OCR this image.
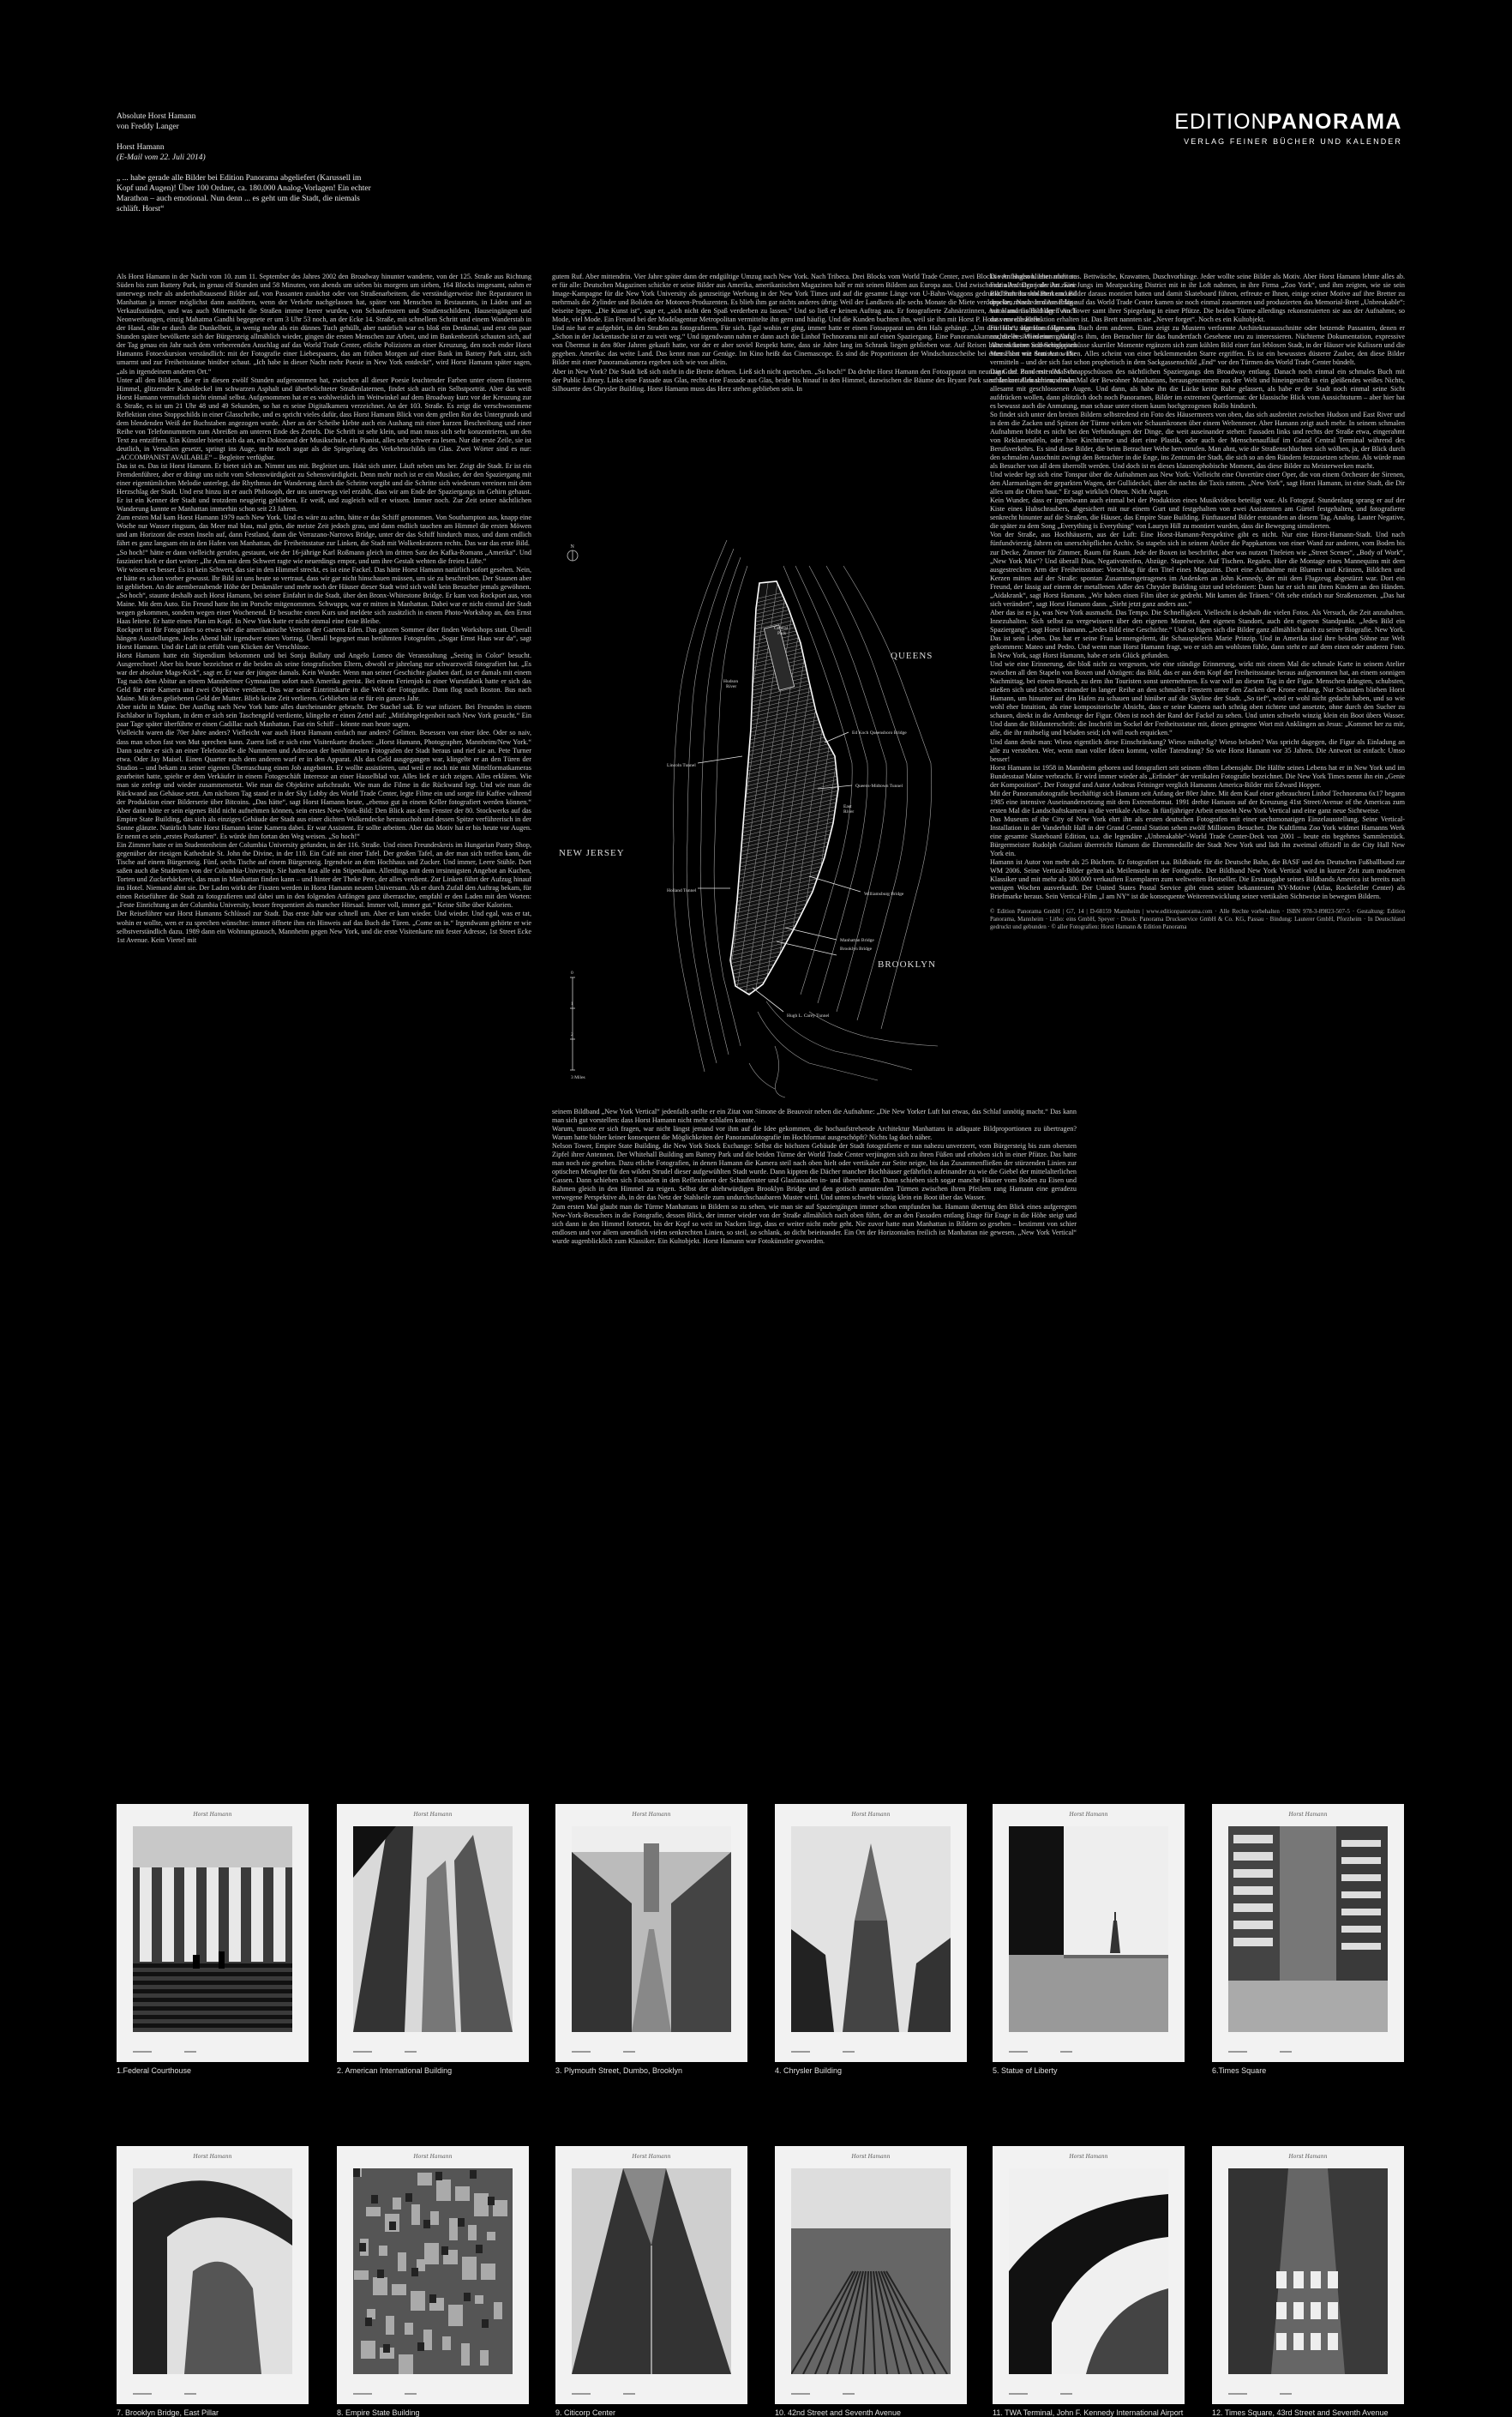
Absolute Horst Hamann

von Freddy Langer

Horst Hamann

(E-Mail vom 22. Juli 2014)

„ ... habe gerade alle Bilder bei Edition Panorama abgeliefert (Karussell im Kopf und Augen)! Über 100 Ordner, ca. 180.000 Analog-Vorlagen! Ein echter Marathon – auch emotional. Nun denn ... es geht um die Stadt, die niemals schläft. Horst“

EDITIONPANORAMA
VERLAG FEINER BÜCHER UND KALENDER

Als Horst Hamann in der Nacht vom 10. zum 11. September des Jahres 2002 den Broadway hinunter wanderte, von der 125. Straße aus Richtung Süden bis zum Battery Park, in genau elf Stunden und 58 Minuten, von abends um sieben bis morgens um sieben, 164 Blocks insgesamt, nahm er unterwegs mehr als anderthalbtausend Bilder auf, von Passanten zunächst oder von Straßenarbeitern, die verständigerweise ihre Reparaturen in Manhattan ja immer möglichst dann ausführen, wenn der Verkehr nachgelassen hat, später von Menschen in Restaurants, in Läden und an Verkaufsständen, und was auch Mitternacht die Straßen immer leerer wurden, von Schaufenstern und Straßenschildern, Hauseingängen und Neonwerbungen, einzig Mahatma Gandhi begegnete er um 3 Uhr 53 noch, an der Ecke 14. Straße, mit schnellem Schritt und einem Wanderstab in der Hand, eilte er durch die Dunkelheit, in wenig mehr als ein dünnes Tuch gehüllt, aber natürlich war es bloß ein Denkmal, und erst ein paar Stunden später bevölkerte sich der Bürgersteig allmählich wieder, gingen die ersten Menschen zur Arbeit, und im Bankenbezirk schauten sich, auf der Tag genau ein Jahr nach dem verheerenden Anschlag auf das World Trade Center, etliche Polizisten an einer Kreuzung, den noch ender Horst Hamanns Fotoexkursion verständlich: mit der Fotografie einer Liebespaares, das am frühen Morgen auf einer Bank im Battery Park sitzt, sich umarmt und zur Freiheitsstatue hinüber schaut. „Ich habe in dieser Nacht mehr Poesie in New York entdeckt“, wird Horst Hamann später sagen, „als in irgendeinem anderen Ort.“

Unter all den Bildern, die er in diesen zwölf Stunden aufgenommen hat, zwischen all dieser Poesie leuchtender Farben unter einem finsteren Himmel, glitzernder Kanaldeckel im schwarzen Asphalt und überbelichteter Straßenlaternen, findet sich auch ein Selbstporträt. Aber das weiß Horst Hamann vermutlich nicht einmal selbst. Aufgenommen hat er es wohlweislich im Weitwinkel auf dem Broadway kurz vor der Kreuzung zur 8. Straße, es ist um 21 Uhr 48 und 49 Sekunden, so hat es seine Digitalkamera verzeichnet. An der 103. Straße. Es zeigt die verschwommene Reflektion eines Stoppschilds in einer Glasscheibe, und es spricht vieles dafür, dass Horst Hamann Blick von dem grellen Rot des Untergrunds und dem blendenden Weiß der Buchstaben angezogen wurde. Aber an der Scheibe klebte auch ein Aushang mit einer kurzen Beschreibung und einer Reihe von Telefonnummern zum Abreißen am unteren Ende des Zettels. Die Schrift ist sehr klein, und man muss sich sehr konzentrieren, um den Text zu entziffern. Ein Künstler bietet sich da an, ein Doktorand der Musikschule, ein Pianist, alles sehr schwer zu lesen. Nur die erste Zeile, sie ist deutlich, in Versalien gesetzt, springt ins Auge, mehr noch sogar als die Spiegelung des Verkehrsschilds im Glas. Zwei Wörter sind es nur: „ACCOMPANIST AVAILABLE“ – Begleiter verfügbar.

Das ist es. Das ist Horst Hamann. Er bietet sich an. Nimmt uns mit. Begleitet uns. Hakt sich unter. Läuft neben uns her. Zeigt die Stadt. Er ist ein Fremdenführer, aber er drängt uns nicht vom Sehenswürdigkeit zu Sehenswürdigkeit. Denn mehr noch ist er ein Musiker, der den Spaziergang mit einer eigentümlichen Melodie unterlegt, die Rhythmus der Wanderung durch die Schritte vorgibt und die Schritte sich wiederum vereinen mit dem Herzschlag der Stadt. Und erst hinzu ist er auch Philosoph, der uns unterwegs viel erzählt, dass wir am Ende der Spaziergangs im Gehirn gehaust. Er ist ein Kenner der Stadt und trotzdem neugierig geblieben. Er weiß, und zugleich will er wissen. Immer noch. Zur Zeit seiner nächtlichen Wanderung kannte er Manhattan immerhin schon seit 23 Jahren.

Zum ersten Mal kam Horst Hamann 1979 nach New York. Und es wäre zu achtn, hätte er das Schiff genommen. Von Southampton aus, knapp eine Woche nur Wasser ringsum, das Meer mal blau, mal grün, die meiste Zeit jedoch grau, und dann endlich tauchen am Himmel die ersten Möwen und am Horizont die ersten Inseln auf, dann Festland, dann die Verrazano-Narrows Bridge, unter der das Schiff hindurch muss, und dann endlich fährt es ganz langsam ein in den Hafen von Manhattan, die Freiheitsstatue zur Linken, die Stadt mit Wolkenkratzern rechts. Das war das erste Bild.

„So hoch!“ hätte er dann vielleicht gerufen, gestaunt, wie der 16-jährige Karl Roßmann gleich im dritten Satz des Kafka-Romans „Amerika“. Und fasziniert hielt er dort weiter: „Ihr Arm mit dem Schwert ragte wie neuerdings empor, und um ihre Gestalt wehten die freien Lüfte.“

Wir wissen es besser. Es ist kein Schwert, das sie in den Himmel streckt, es ist eine Fackel. Das hätte Horst Hamann natürlich sofort gesehen. Nein, er hätte es schon vorher gewusst. Ihr Bild ist uns heute so vertraut, dass wir gar nicht hinschauen müssen, um sie zu beschreiben. Der Staunen aber ist geblieben. An die atemberaubende Höhe der Denkmäler und mehr noch der Häuser dieser Stadt wird sich wohl kein Besucher jemals gewöhnen.

„So hoch“, staunte deshalb auch Horst Hamann, bei seiner Einfahrt in die Stadt, über den Bronx-Whitestone Bridge. Er kam von Rockport aus, von Maine. Mit dem Auto. Ein Freund hatte ihn im Porsche mitgenommen. Schwupps, war er mitten in Manhattan. Dabei war er nicht einmal der Stadt wegen gekommen, sondern wegen einer Wochenend. Er besuchte einen Kurs und meldete sich zusätzlich in einem Photo-Workshop an, den Ernst Haas leitete. Er hatte einen Plan im Kopf. In New York hatte er nicht einmal eine feste Bleibe.

Rockport ist für Fotografen so etwas wie die amerikanische Version der Gartens Eden. Das ganzen Sommer über finden Workshops statt. Überall hängen Ausstellungen. Jedes Abend hält irgendwer einen Vortrag. Überall begegnet man berühmten Fotografen. „Sogar Ernst Haas war da“, sagt Horst Hamann. Und die Luft ist erfüllt vom Klicken der Verschlüsse.

Horst Hamann hatte ein Stipendium bekommen und bei Sonja Bullaty und Angelo Lomeo die Veranstaltung „Seeing in Color“ besucht. Ausgerechnet! Aber bis heute bezeichnet er die beiden als seine fotografischen Eltern, obwohl er jahrelang nur schwarzweiß fotografiert hat. „Es war der absolute Mags-Kick“, sagt er. Er war der jüngste damals. Kein Wunder. Wenn man seiner Geschichte glauben darf, ist er damals mit einem Tag nach dem Abitur an einem Mannheimer Gymnasium sofort nach Amerika gereist. Bei einem Ferienjob in einer Wurstfabrik hatte er sich das Geld für eine Kamera und zwei Objektive verdient. Das war seine Eintrittskarte in die Welt der Fotografie. Dann flog nach Boston. Bus nach Maine. Mit dem geliehenen Geld der Mutter. Blieb keine Zeit verlieren. Geblieben ist er für ein ganzes Jahr.

Aber nicht in Maine. Der Ausflug nach New York hatte alles durcheinander gebracht. Der Stachel saß. Er war infiziert. Bei Freunden in einem Fachlabor in Topsham, in dem er sich sein Taschengeld verdiente, klingelte er einen Zettel auf: „Mitfahrgelegenheit nach New York gesucht.“ Ein paar Tage später überführte er einen Cadillac nach Manhattan. Fast ein Schiff – könnte man heute sagen.

Vielleicht waren die 70er Jahre anders? Vielleicht war auch Horst Hamann einfach nur anders? Gelitten. Besessen von einer Idee. Oder so naiv, dass man schon fast von Mut sprechen kann. Zuerst ließ er sich eine Visitenkarte drucken: „Horst Hamann, Photographer, Mannheim/New York.“ Dann suchte er sich an einer Telefonzelle die Nummern und Adressen der berühmtesten Fotografen der Stadt heraus und rief sie an. Pete Turner etwa. Oder Jay Maisel. Einen Quarter nach dem anderen warf er in den Apparat. Als das Geld ausgegangen war, klingelte er an den Türen der Studios – und bekam zu seiner eigenen Überraschung einen Job angeboten. Er wollte assistieren, und weil er noch nie mit Mittelformatkameras gearbeitet hatte, spielte er dem Verkäufer in einem Fotogeschäft Interesse an einer Hasselblad vor. Alles ließ er sich zeigen. Alles erklären. Wie man sie zerlegt und wieder zusammensetzt. Wie man die Objektive aufschraubt. Wie man die Filme in die Rückwand legt. Und wie man die Rückwand aus Gehäuse setzt. Am nächsten Tag stand er in der Sky Lobby des World Trade Center, legte Filme ein und sorgte für Kaffee während der Produktion einer Bilderserie über Bitcoins. „Das hätte“, sagt Horst Hamann heute, „ebenso gut in einem Keller fotografiert werden können.“ Aber dann hätte er sein eigenes Bild nicht aufnehmen können, sein erstes New-York-Bild: Den Blick aus dem Fenster der 80. Stockwerks auf das Empire State Building, das sich als einziges Gebäude der Stadt aus einer dichten Wolkendecke herausschob und dessen Spitze verführerisch in der Sonne glänzte. Natürlich hatte Horst Hamann keine Kamera dabei. Er war Assistent. Er sollte arbeiten. Aber das Motiv hat er bis heute vor Augen. Er nennt es sein „erstes Postkarten“. Es würde ihm fortan den Weg weisen. „So hoch!“

Ein Zimmer hatte er im Studentenheim der Columbia University gefunden, in der 116. Straße. Und einen Freundeskreis im Hungarian Pastry Shop, gegenüber der riesigen Kathedrale St. John the Divine, in der 110. Ein Café mit einer Tafel. Der großen Tafel, an der man sich treffen kann, die Tische auf einem Bürgersteig. Fünf, sechs Tische auf einem Bürgersteig. Irgendwie an dem Hochhaus und Zucker. Und immer, Leere Stühle. Dort saßen auch die Studenten von der Columbia-University. Sie hatten fast alle ein Stipendium. Allerdings mit dem irrsinnigsten Angebot an Kuchen, Torten und Zuckerbäckerei, das man in Manhattan finden kann – und hinter der Theke Pete, der alles verdient. Zur Linken führt der Aufzug hinauf ins Hotel. Niemand ahnt sie. Der Laden wirkt der Fixsten werden in Horst Hamann neuem Universum. Als er durch Zufall den Auftrag bekam, für einen Reiseführer die Stadt zu fotografieren und dabei um in den folgenden Anfängen ganz überraschte, empfahl er den Laden mit den Worten: „Feste Einrichtung an der Columbia University, besser frequentiert als mancher Hörsaal. Immer voll, immer gut.“ Keine Silbe über Kalorien.

Der Reiseführer war Horst Hamanns Schlüssel zur Stadt. Das erste Jahr war schnell um. Aber er kam wieder. Und wieder. Und egal, was er tat, wohin er wollte, wen er zu sprechen wünschte: immer öffnete ihm ein Hinweis auf das Buch die Türen. „Come on in.“ Irgendwann gehörte er wie selbstverständlich dazu. 1989 dann ein Wohnungstausch, Mannheim gegen New York, und die erste Visitenkarte mit fester Adresse, 1st Street Ecke 1st Avenue. Kein Viertel mit

gutem Ruf. Aber mittendrin. Vier Jahre später dann der endgültige Umzug nach New York. Nach Tribeca. Drei Blocks vom World Trade Center, zwei Blocks vom Hudson. Jetzt arbeitete er für alle: Deutschen Magazinen schickte er seine Bilder aus Amerika, amerikanischen Magazinen half er mit seinen Bildern aus Europa aus. Und zwischendrin Aufträge jeder Art. Eine Image-Kampagne für die New York University als ganzseitige Werbung in der New York Times und auf die gesamte Länge von U-Bahn-Waggons gedruckt. Porträts von Brokern und mehrmals die Zylinder und Boliden der Motoren-Produzenten. Es blieb ihm gar nichts anderes übrig: Weil der Landkreis alle sechs Monate die Miete verdoppelte, musste er diese Erlöse beiseite legen. „Die Kunst ist“, sagt er, „sich nicht den Spaß verderben zu lassen.“ Und so ließ er keinen Auftrag aus. Er fotografierte Zahnärztinnen, Autos und Goldschläger. Auch Mode, viel Mode. Ein Freund bei der Modelagentur Metropolitan vermittelte ihn gern und häufig. Und die Kunden buchten ihn, weil sie ihn mit Horst P. Horst verwechselten.

Und nie hat er aufgehört, in den Straßen zu fotografieren. Für sich. Egal wohin er ging, immer hatte er einen Fotoapparat um den Hals gehängt. „Um den Hals“, sagt Horst Hamann. „Schon in der Jackentasche ist er zu weit weg.“ Und irgendwann nahm er dann auch die Linhof Technorama mit auf einen Spaziergang. Eine Panoramakamera, die er sich in einem Anfall von Übermut in den 80er Jahren gekauft hatte, vor der er aber soviel Respekt hatte, dass sie Jahre lang im Schrank liegen geblieben war. Auf Reisen hätte es keine Schwierigkeiten gegeben. Amerika: das weite Land. Das kennt man zur Genüge. Im Kino heißt das Cinemascope. Es sind die Proportionen der Windschutzscheibe bei einer Fahrt mit dem Auto. Die Bilder mit einer Panoramakamera ergeben sich wie von allein.

Aber in New York? Die Stadt ließ sich nicht in die Breite dehnen. Ließ sich nicht quetschen. „So hoch!“ Da drehte Horst Hamann den Fotoapparat um neunzig Grad. Zum ersten Mal vor der Public Library. Links eine Fassade aus Glas, rechts eine Fassade aus Glas, beide bis hinauf in den Himmel, dazwischen die Bäume des Bryant Park samt der metallen schimmernden Silhouette des Chrysler Building. Horst Hamann muss das Herz stehen geblieben sein. In

seinem Bildband „New York Vertical“ jedenfalls stellte er ein Zitat von Simone de Beauvoir neben die Aufnahme: „Die New Yorker Luft hat etwas, das Schlaf unnötig macht.“ Das kann man sich gut vorstellen: dass Horst Hamann nicht mehr schlafen konnte.

Warum, musste er sich fragen, war nicht längst jemand vor ihm auf die Idee gekommen, die hochaufstrebende Architektur Manhattans in adäquate Bildproportionen zu übertragen? Warum hatte bisher keiner konsequent die Möglichkeiten der Panoramafotografie im Hochformat ausgeschöpft? Nichts lag doch näher.

Nelson Tower, Empire State Building, die New York Stock Exchange: Selbst die höchsten Gebäude der Stadt fotografierte er nun nahezu unverzerrt, vom Bürgersteig bis zum obersten Zipfel ihrer Antennen. Der Whitehall Building am Battery Park und die beiden Türme der World Trade Center verjüngten sich zu ihren Füßen und erhoben sich in einer Pfütze. Das hatte man noch nie gesehen. Dazu etliche Fotografien, in denen Hamann die Kamera steil nach oben hielt oder vertikaler zur Seite neigte, bis das Zusammenfließen der stürzenden Linien zur optischen Metapher für den wilden Strudel dieser aufgewühlten Stadt wurde. Dann kippten die Dächer mancher Hochhäuser gefährlich aufeinander zu wie die Giebel der mittelalterlichen Gassen. Dann schieben sich Fassaden in den Reflexionen der Schaufenster und Glasfassaden in- und übereinander. Dann schieben sich sogar manche Häuser vom Boden zu Eisen und Rahmen gleich in den Himmel zu reigen. Selbst der altehrwürdigen Brooklyn Bridge und den gotisch anmutenden Türmen zwischen ihren Pfeilern rang Hamann eine geradezu verwegene Perspektive ab, in der das Netz der Stahlseile zum undurchschaubaren Muster wird. Und unten schwebt winzig klein ein Boot über das Wasser.

Zum ersten Mal glaubt man die Türme Manhattans in Bildern so zu sehen, wie man sie auf Spaziergängen immer schon empfunden hat. Hamann übertrug den Blick eines aufgeregten New-York-Besuchers in die Fotografie, dessen Blick, der immer wieder von der Straße allmählich nach oben führt, der an den Fassaden entlang Etage für Etage in die Höhe steigt und sich dann in den Himmel fortsetzt, bis der Kopf so weit im Nacken liegt, dass er weiter nicht mehr geht. Nie zuvor hatte man Manhattan in Bildern so gesehen – bestimmt von schier endlosen und vor allem unendlich vielen senkrechten Linien, so steil, so schlank, so dicht beieinander. Ein Ort der Horizontalen freilich ist Manhattan nie gewesen. „New York Vertical“ wurde augenblicklich zum Klassiker. Ein Kultobjekt. Horst Hamann war Fotokünstler geworden.

Die Anfangen blieben nicht aus. Bettwäsche, Krawatten, Duschvorhänge. Jeder wollte seine Bilder als Motiv. Aber Horst Hamann lehnte alles ab. Fast alles. Denn als ihn zwei Jungs im Meatpacking District mit in ihr Loft nahmen, in ihre Firma „Zoo York“, und ihm zeigten, wie sie sein Bildbuch durchblättert und Bilder daraus montiert hatten und damit Skateboard führen, erfreute er Ihnen, einige seiner Motive auf ihre Bretter zu drucken. Nach dem Anschlag auf das World Trade Center kamen sie noch einmal zusammen und produzierten das Memorial-Brett „Unbreakable“: mit Hamanns Bild der Twin Tower samt ihrer Spiegelung in einer Pfütze. Die beiden Türme allerdings rekonstruierten sie aus der Aufnahme, so dass nur die Reflektion erhalten ist. Das Brett nannten sie „Never forget“. Noch es ein Kultobjekt.

Für Horst Hamann folgte ein Buch dem anderen. Eines zeigt zu Mustern verformte Architekturausschnitte oder hetzende Passanten, denen er nachstellte. Wiederum gelang es ihm, den Betrachter für das hundertfach Gesehene neu zu interessieren. Nüchterne Dokumentation, expressive Abstraktionen und Schnappschüsse skurriler Momente ergänzen sich zum kühlen Bild einer fast leblosen Stadt, in der Häuser wie Kulissen und die Menschen wie Statisten wirken. Alles scheint von einer beklemmenden Starre ergriffen. Es ist ein bewusstes düsterer Zauber, den diese Bilder vermitteln – und der sich fast schon prophetisch in dem Sackgassenschild „End“ vor den Türmen des World Trade Center bündelt.

Dann der Band mit den Schnappschüssen des nächtlichen Spaziergangs den Broadway entlang. Danach noch einmal ein schmales Buch mit schlanken Aufnahmen, dieses Mal der Bewohner Manhattans, herausgenommen aus der Welt und hineingestellt in ein gleißendes weißes Nichts, allesamt mit geschlossenen Augen. Und dann, als habe ihn die Lücke keine Ruhe gelassen, als habe er der Stadt noch einmal seine Sicht aufdrücken wollen, dann plötzlich doch noch Panoramen, Bilder im extremen Querformat: der klassische Blick vom Aussichtsturm – aber hier hat es bewusst auch die Anmutung, man schaue unter einem kaum hochgezogenen Rollo hindurch.

So findet sich unter den breiten Bildern selbstredend ein Foto des Häusermeers von oben, das sich ausbreitet zwischen Hudson und East River und in dem die Zacken und Spitzen der Türme wirken wie Schaumkronen über einem Weltenmeer. Aber Hamann zeigt auch mehr. In seinem schmalen Aufnahmen bleibt es nicht bei den Verbindungen der Dinge, die weit auseinander stehen: Fassaden links und rechts der Straße etwa, eingerahmt von Reklametafeln, oder hier Kirchtürme und dort eine Plastik, oder auch der Menschenaufläuf im Grand Central Terminal während des Berufsverkehrs. Es sind diese Bilder, die beim Betrachter Wehe hervorrufen. Man ahnt, wie die Straßenschluchten sich wölben, ja, der Blick durch den schmalen Ausschnitt zwingt den Betrachter in die Enge, ins Zentrum der Stadt, die sich so an den Rändern festzusetzen scheint. Als würde man als Besucher von all dem überrollt werden. Und doch ist es dieses klaustrophobische Moment, das diese Bilder zu Meisterwerken macht.

Und wieder legt sich eine Tonspur über die Aufnahmen aus New York: Vielleicht eine Ouvertüre einer Oper, die von einem Orchester der Sirenen, den Alarmanlagen der geparkten Wagen, der Gullideckel, über die nachts die Taxis rattern. „New York“, sagt Horst Hamann, ist eine Stadt, die Dir alles um die Ohren haut.“ Er sagt wirklich Ohren. Nicht Augen.

Kein Wunder, dass er irgendwann auch einmal bei der Produktion eines Musikvideos beteiligt war. Als Fotograf. Stundenlang sprang er auf der Kiste eines Hubschraubers, abgesichert mit nur einem Gurt und festgehalten von zwei Assistenten am Gürtel festgehalten, und fotografierte senkrecht hinunter auf die Straßen, die Häuser, das Empire State Building. Fünftausend Bilder entstanden an diesem Tag. Analog. Lauter Negative, die später zu dem Song „Everything is Everything“ von Lauryn Hill zu montiert wurden, dass die Bewegung simulierten.

Von der Straße, aus Hochhäusern, aus der Luft: Eine Horst-Hamann-Perspektive gibt es nicht. Nur eine Horst-Hamann-Stadt. Und nach fünfundvierzig Jahren ein unerschöpfliches Archiv. So stapeln sich in seinem Atelier die Pappkartons von einer Wand zur anderen, vom Boden bis zur Decke, Zimmer für Zimmer, Raum für Raum. Jede der Boxen ist beschriftet, aber was nutzen Titeleien wie „Street Scenes“, „Body of Work“, „New York Mix“? Und überall Dias, Negativstreifen, Abzüge. Stapelweise. Auf Tischen. Regalen. Hier die Montage eines Mannequins mit dem ausgestreckten Arm der Freiheitsstatue: Vorschlag für den Titel eines Magazins. Dort eine Aufnahme mit Blumen und Kränzen, Bildchen und Kerzen mitten auf der Straße: spontan Zusammengetragenes im Andenken an John Kennedy, der mit dem Flugzeug abgestürzt war. Dort ein Freund, der lässig auf einem der metallenen Adler des Chrysler Building sitzt und telefoniert: Dann hat er sich mit ihren Kindern an den Händen. „Aidakrank“, sagt Horst Hamann. „Wir haben einen Film über sie gedreht. Mit kamen die Tränen.“ Oft sehe einfach nur Straßenszenen. „Das hat sich verändert“, sagt Horst Hamann dann. „Sieht jetzt ganz anders aus.“

Aber das ist es ja, was New York ausmacht. Das Tempo. Die Schnelligkeit. Vielleicht is deshalb die vielen Fotos. Als Versuch, die Zeit anzuhalten. Innezuhalten. Sich selbst zu vergewissern über den eigenen Moment, den eigenen Standort, auch den eigenen Standpunkt. „Jedes Bild ein Spaziergang“, sagt Horst Hamann. „Jedes Bild eine Geschichte.“ Und so fügen sich die Bilder ganz allmählich auch zu seiner Biografie. New York. Das ist sein Leben. Das hat er seine Frau kennengelernt, die Schauspielerin Marie Prinzip. Und in Amerika sind ihre beiden Söhne zur Welt gekommen: Mateo und Pedro. Und wenn man Horst Hamann fragt, wo er sich am wohlsten fühle, dann steht er auf dem einen oder anderen Foto. In New York, sagt Horst Hamann, habe er sein Glück gefunden.

Und wie eine Erinnerung, die bloß nicht zu vergessen, wie eine ständige Erinnerung, wirkt mit einem Mal die schmale Karte in seinem Atelier zwischen all den Stapeln von Boxen und Abzügen: das Bild, das er aus dem Kopf der Freiheitsstatue heraus aufgenommen hat, an einem sonnigen Nachmittag, bei einem Besuch, zu dem ihn Touristen sonst unternehmen. Es war voll an diesem Tag in der Figur. Menschen drängten, schubsten, stießen sich und schoben einander in langer Reihe an den schmalen Fenstern unter den Zacken der Krone entlang. Nur Sekunden blieben Horst Hamann, um hinunter auf den Hafen zu schauen und hinüber auf die Skyline der Stadt. „So tief“, wird er wohl nicht gedacht haben, und so wie wohl eher Intuition, als eine kompositorische Absicht, dass er seine Kamera nach schräg oben richtete und ansetzte, ohne durch den Sucher zu schauen, direkt in die Armbeuge der Figur. Oben ist noch der Rand der Fackel zu sehen. Und unten schwebt winzig klein ein Boot übers Wasser. Und dann die Bildunterschrift: die Inschrift im Sockel der Freiheitsstatue mit, dieses getragene Wort mit Anklängen an Jesus: „Kommet her zu mir, alle, die ihr mühselig und beladen seid; ich will euch erquicken.“

Und dann denkt man: Wieso eigentlich diese Einschränkung? Wieso mühselig? Wieso beladen? Was spricht dagegen, die Figur als Einladung an alle zu verstehen. Wer, wenn man voller Ideen kommt, voller Tatendrang? So wie Horst Hamann vor 35 Jahren. Die Antwort ist einfach: Umso besser!

Horst Hamann ist 1958 in Mannheim geboren und fotografiert seit seinem elften Lebensjahr. Die Hälfte seines Lebens hat er in New York und im Bundesstaat Maine verbracht. Er wird immer wieder als „Erfinder“ der vertikalen Fotografie bezeichnet. Die New York Times nennt ihn ein „Genie der Komposition“. Der Fotograf und Autor Andreas Feininger verglich Hamanns America-Bilder mit Edward Hopper.

Mit der Panoramafotografie beschäftigt sich Hamann seit Anfang der 80er Jahre. Mit dem Kauf einer gebrauchten Linhof Technorama 6x17 begann 1985 eine intensive Auseinandersetzung mit dem Extremformat. 1991 drehte Hamann auf der Kreuzung 41st Street/Avenue of the Americas zum ersten Mal die Landschaftskamera in die vertikale Achse. In fünfjähriger Arbeit entsteht New York Vertical und eine ganz neue Sichtweise.

Das Museum of the City of New York ehrt ihn als ersten deutschen Fotografen mit einer sechsmonatigen Einzelausstellung. Seine Vertical-Installation in der Vanderbilt Hall in der Grand Central Station sehen zwölf Millionen Besucher. Die Kultfirma Zoo York widmet Hamanns Werk eine gesamte Skateboard Edition, u.a. die legendäre „Unbreakable“-World Trade Center-Deck von 2001 – heute ein begehrtes Sammlerstück. Bürgermeister Rudolph Giuliani überreicht Hamann die Ehrenmedaille der Stadt New York und lädt ihn zweimal offiziell in die City Hall New York ein.

Hamann ist Autor von mehr als 25 Büchern. Er fotografiert u.a. Bildbände für die Deutsche Bahn, die BASF und den Deutschen Fußballbund zur WM 2006. Seine Vertical-Bilder gelten als Meilenstein in der Fotografie. Der Bildband New York Vertical wird in kurzer Zeit zum modernen Klassiker und mit mehr als 300.000 verkauften Exemplaren zum weltweiten Bestseller. Die Erstausgabe seines Bildbands America ist bereits nach wenigen Wochen ausverkauft. Der United States Postal Service gibt eines seiner bekanntesten NY-Motive (Atlas, Rockefeller Center) als Briefmarke heraus. Sein Vertical-Film „I am NY“ ist die konsequente Weiterentwicklung seiner vertikalen Sichtweise in bewegten Bildern.

© Edition Panorama GmbH | G7, 14 | D-68159 Mannheim | www.editionpanorama.com · Alle Rechte vorbehalten · ISBN 978-3-89823-507-5 · Gestaltung: Edition Panorama, Mannheim · Litho: eins GmbH, Speyer · Druck: Panorama Druckservice GmbH & Co. KG, Passau · Bindung: Lauterer GmbH, Pforzheim · In Deutschland gedruckt und gebunden · © aller Fotografien: Horst Hamann & Edition Panorama
N
QUEENS
NEW JERSEY
BROOKLYN
Central
Park
Hudson
River
East
River
Ed Koch Queensboro Bridge
Queens-Midtown Tunnel
Lincoln Tunnel
Holland Tunnel
Williamsburg Bridge
Manhattan Bridge
Brooklyn Bridge
Hugh L. Carey Tunnel
0
1
2
3 Miles
Horst Hamann
1.Federal Courthouse
Horst Hamann
2. American International Building
Horst Hamann
3. Plymouth Street, Dumbo, Brooklyn
Horst Hamann
4. Chrysler Building
Horst Hamann
5. Statue of Liberty
Horst Hamann
6.Times Square
Horst Hamann
7. Brooklyn Bridge, East Pillar
Horst Hamann
8. Empire State Building
Horst Hamann
9. Citicorp Center
Horst Hamann
10. 42nd Street and Seventh Avenue
Horst Hamann
11. TWA Terminal, John F. Kennedy International Airport
Horst Hamann
12. Times Square, 43rd Street and Seventh Avenue
